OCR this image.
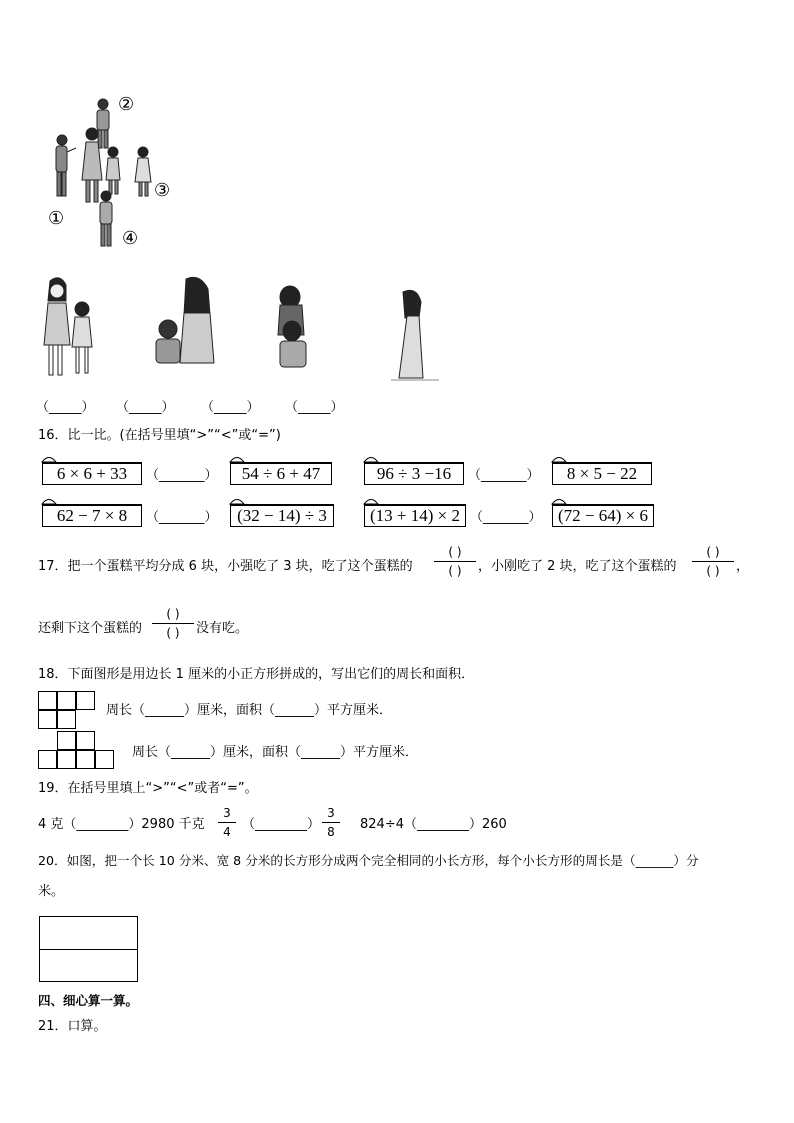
①
②
③
④
（_____） （_____） （_____） （_____）
16．比一比。(在括号里填“>”“<”或“=”)
6 × 6 + 33	（_______）	54 ÷ 6 + 47	96 ÷ 3 −16	（_______）	8 × 5 − 22
62 − 7 × 8	（_______）	(32 − 14) ÷ 3	(13 + 14) × 2 （_______） (72 − 64) × 6
17．把一个蛋糕平均分成 6 块，小强吃了 3 块，吃了这个蛋糕的
( )
( )	，小刚吃了 2 块，吃了这个蛋糕的
( )
( )	，
还剩下这个蛋糕的
( )
( )	没有吃。
18．下面图形是用边长 1 厘米的小正方形拼成的，写出它们的周长和面积．
周长（______）厘米，面积（______）平方厘米．
周长（______）厘米，面积（______）平方厘米．
19．在括号里填上“>”“<”或者“=”。
4 克（________）2980 千克
3
4 （________）
3
8	824÷4（________）260
20．如图，把一个长 10 分米、宽 8 分米的长方形分成两个完全相同的小长方形，每个小长方形的周长是（______）分
米。
四、细心算一算。
21．口算。
